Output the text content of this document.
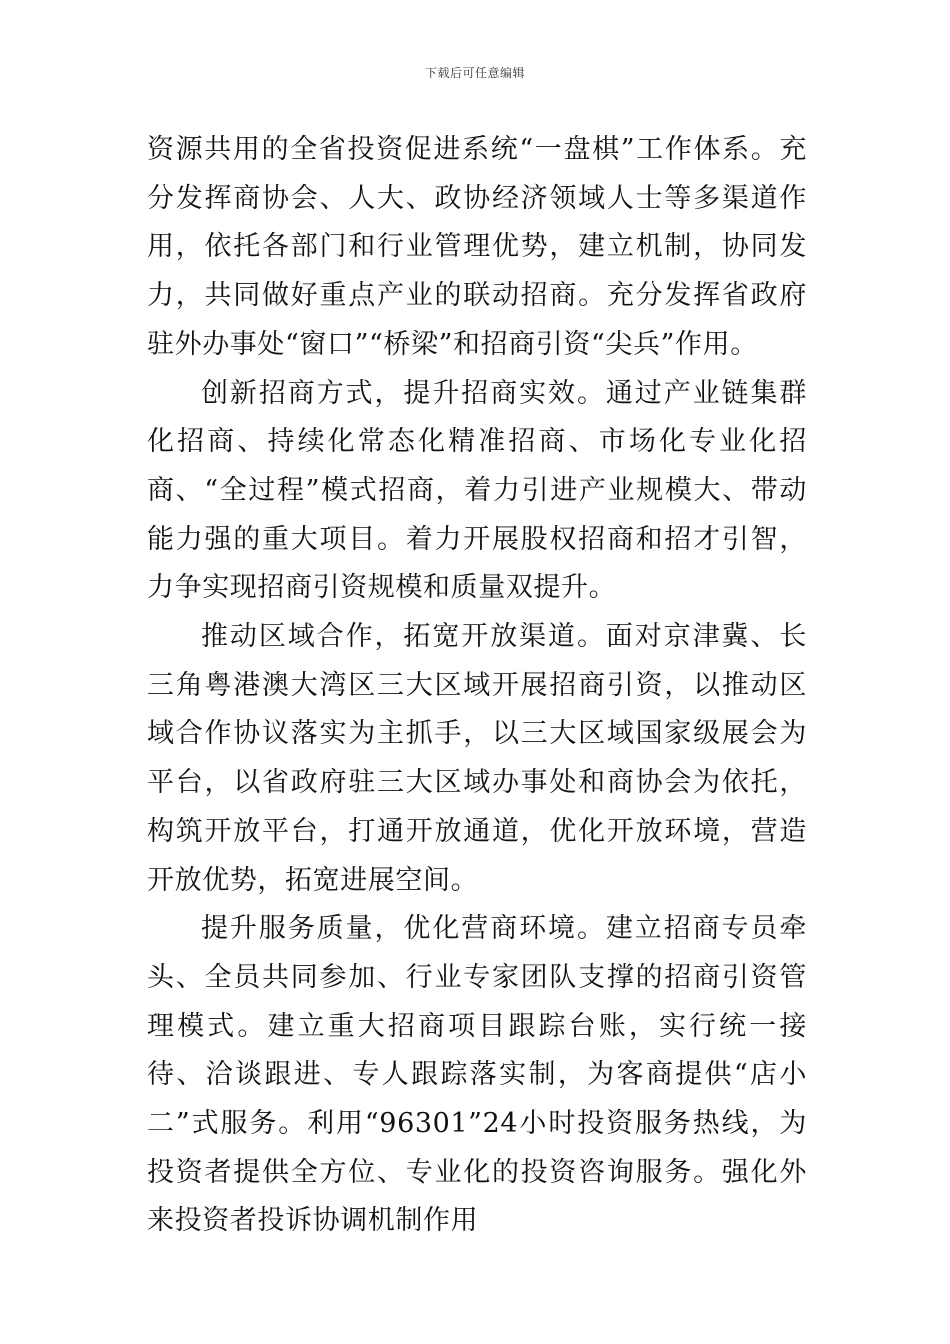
下载后可任意编辑

资源共用的全省投资促进系统“一盘棋”工作体系。充分发挥商协会、人大、政协经济领域人士等多渠道作用，依托各部门和行业管理优势，建立机制，协同发力，共同做好重点产业的联动招商。充分发挥省政府驻外办事处“窗口”“桥梁”和招商引资“尖兵”作用。

创新招商方式，提升招商实效。通过产业链集群化招商、持续化常态化精准招商、市场化专业化招商、“全过程”模式招商，着力引进产业规模大、带动能力强的重大项目。着力开展股权招商和招才引智，力争实现招商引资规模和质量双提升。

推动区域合作，拓宽开放渠道。面对京津冀、长三角粤港澳大湾区三大区域开展招商引资，以推动区域合作协议落实为主抓手，以三大区域国家级展会为平台，以省政府驻三大区域办事处和商协会为依托，构筑开放平台，打通开放通道，优化开放环境，营造开放优势，拓宽进展空间。

提升服务质量，优化营商环境。建立招商专员牵头、全员共同参加、行业专家团队支撑的招商引资管理模式。建立重大招商项目跟踪台账，实行统一接待、洽谈跟进、专人跟踪落实制，为客商提供“店小二”式服务。利用“96301”24小时投资服务热线，为投资者提供全方位、专业化的投资咨询服务。强化外来投资者投诉协调机制作用
